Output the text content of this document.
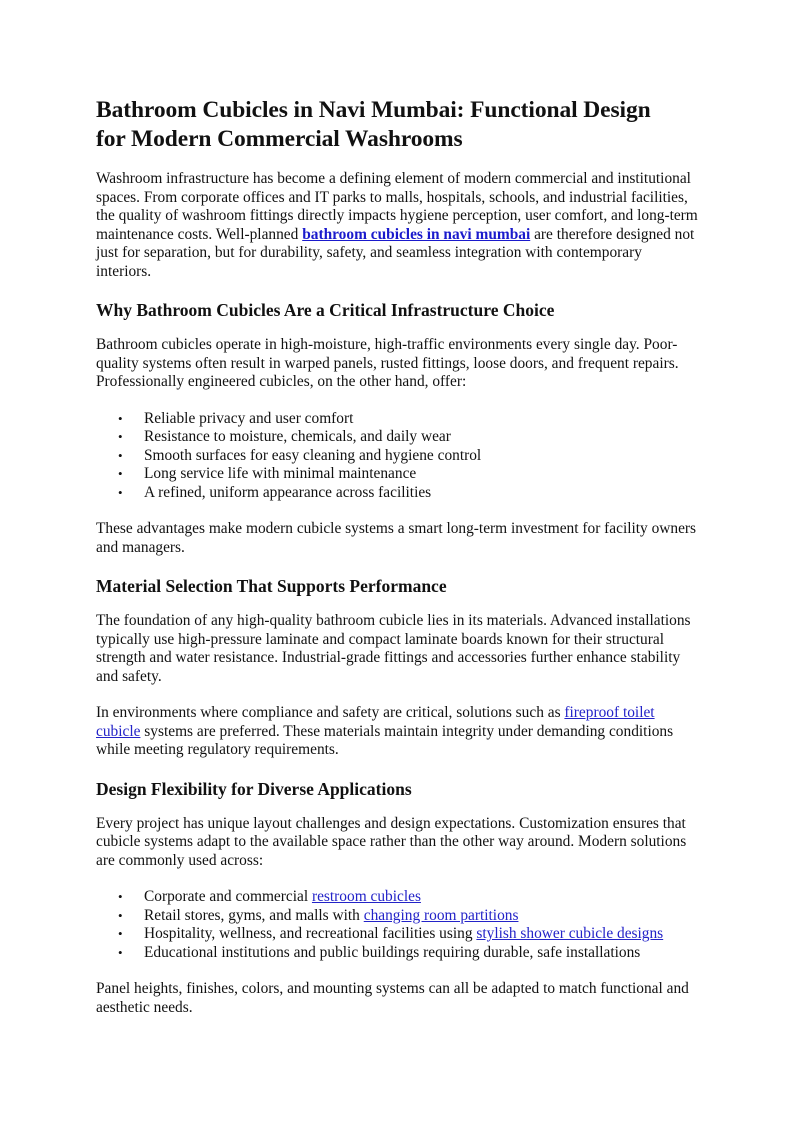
Bathroom Cubicles in Navi Mumbai: Functional Design
for Modern Commercial Washrooms

Washroom infrastructure has become a defining element of modern commercial and institutional spaces. From corporate offices and IT parks to malls, hospitals, schools, and industrial facilities, the quality of washroom fittings directly impacts hygiene perception, user comfort, and long-term maintenance costs. Well-planned bathroom cubicles in navi mumbai are therefore designed not just for separation, but for durability, safety, and seamless integration with contemporary interiors.

Why Bathroom Cubicles Are a Critical Infrastructure Choice

Bathroom cubicles operate in high-moisture, high-traffic environments every single day. Poor-quality systems often result in warped panels, rusted fittings, loose doors, and frequent repairs. Professionally engineered cubicles, on the other hand, offer:

• Reliable privacy and user comfort
• Resistance to moisture, chemicals, and daily wear
• Smooth surfaces for easy cleaning and hygiene control
• Long service life with minimal maintenance
• A refined, uniform appearance across facilities

These advantages make modern cubicle systems a smart long-term investment for facility owners and managers.

Material Selection That Supports Performance

The foundation of any high-quality bathroom cubicle lies in its materials. Advanced installations typically use high-pressure laminate and compact laminate boards known for their structural strength and water resistance. Industrial-grade fittings and accessories further enhance stability and safety.

In environments where compliance and safety are critical, solutions such as fireproof toilet cubicle systems are preferred. These materials maintain integrity under demanding conditions while meeting regulatory requirements.

Design Flexibility for Diverse Applications

Every project has unique layout challenges and design expectations. Customization ensures that cubicle systems adapt to the available space rather than the other way around. Modern solutions are commonly used across:

• Corporate and commercial restroom cubicles
• Retail stores, gyms, and malls with changing room partitions
• Hospitality, wellness, and recreational facilities using stylish shower cubicle designs
• Educational institutions and public buildings requiring durable, safe installations

Panel heights, finishes, colors, and mounting systems can all be adapted to match functional and aesthetic needs.
